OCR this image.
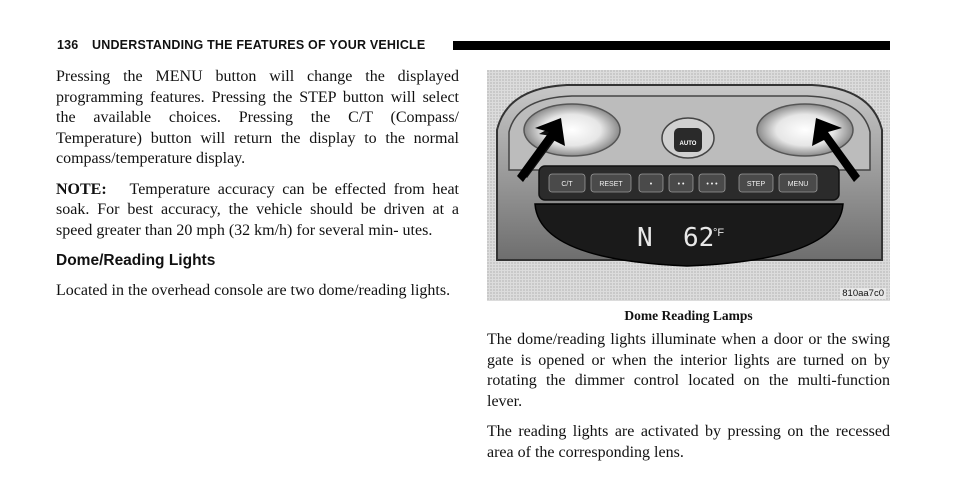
136 UNDERSTANDING THE FEATURES OF YOUR VEHICLE

Pressing the MENU button will change the displayed programming features. Pressing the STEP button will select the available choices. Pressing the C/T (Compass/ Temperature) button will return the display to the normal compass/temperature display.

NOTE: Temperature accuracy can be effected from heat soak. For best accuracy, the vehicle should be driven at a speed greater than 20 mph (32 km/h) for several min- utes.

Dome/Reading Lights

Located in the overhead console are two dome/reading lights.

AUTO
C/T	RESET	•	• •	• • •	STEP	MENU
N 62
°F
810aa7c0
Dome Reading Lamps

The dome/reading lights illuminate when a door or the swing gate is opened or when the interior lights are turned on by rotating the dimmer control located on the multi-function lever.

The reading lights are activated by pressing on the recessed area of the corresponding lens.
